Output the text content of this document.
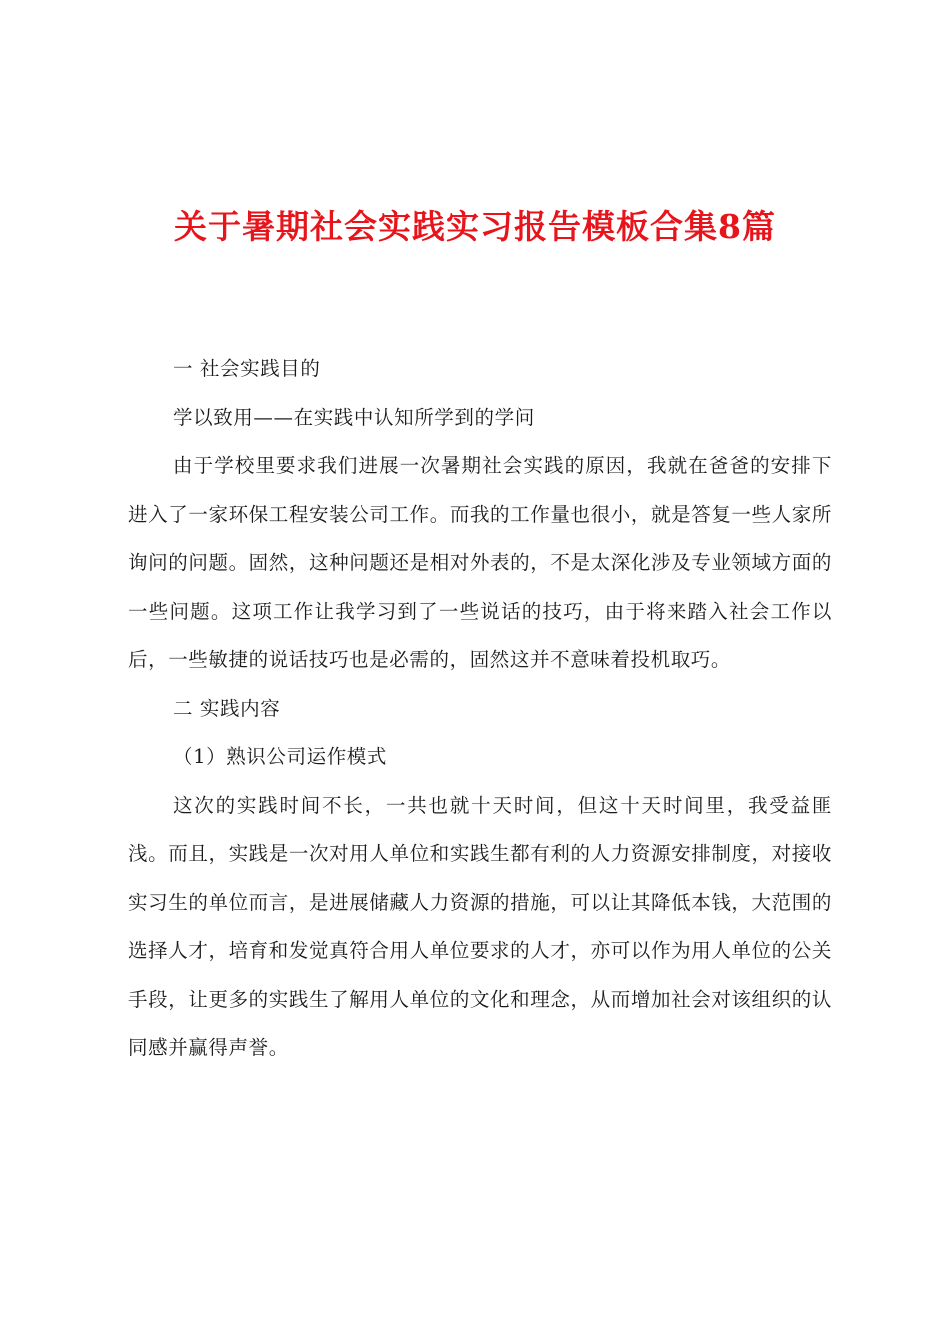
关于暑期社会实践实习报告模板合集8篇

一 社会实践目的

学以致用——在实践中认知所学到的学问

由于学校里要求我们进展一次暑期社会实践的原因，我就在爸爸的安排下进入了一家环保工程安装公司工作。而我的工作量也很小，就是答复一些人家所询问的问题。固然，这种问题还是相对外表的，不是太深化涉及专业领域方面的一些问题。这项工作让我学习到了一些说话的技巧，由于将来踏入社会工作以后，一些敏捷的说话技巧也是必需的，固然这并不意味着投机取巧。

二 实践内容

（1）熟识公司运作模式

这次的实践时间不长，一共也就十天时间，但这十天时间里，我受益匪浅。而且，实践是一次对用人单位和实践生都有利的人力资源安排制度，对接收实习生的单位而言，是进展储藏人力资源的措施，可以让其降低本钱，大范围的选择人才，培育和发觉真符合用人单位要求的人才，亦可以作为用人单位的公关手段，让更多的实践生了解用人单位的文化和理念，从而增加社会对该组织的认同感并赢得声誉。
